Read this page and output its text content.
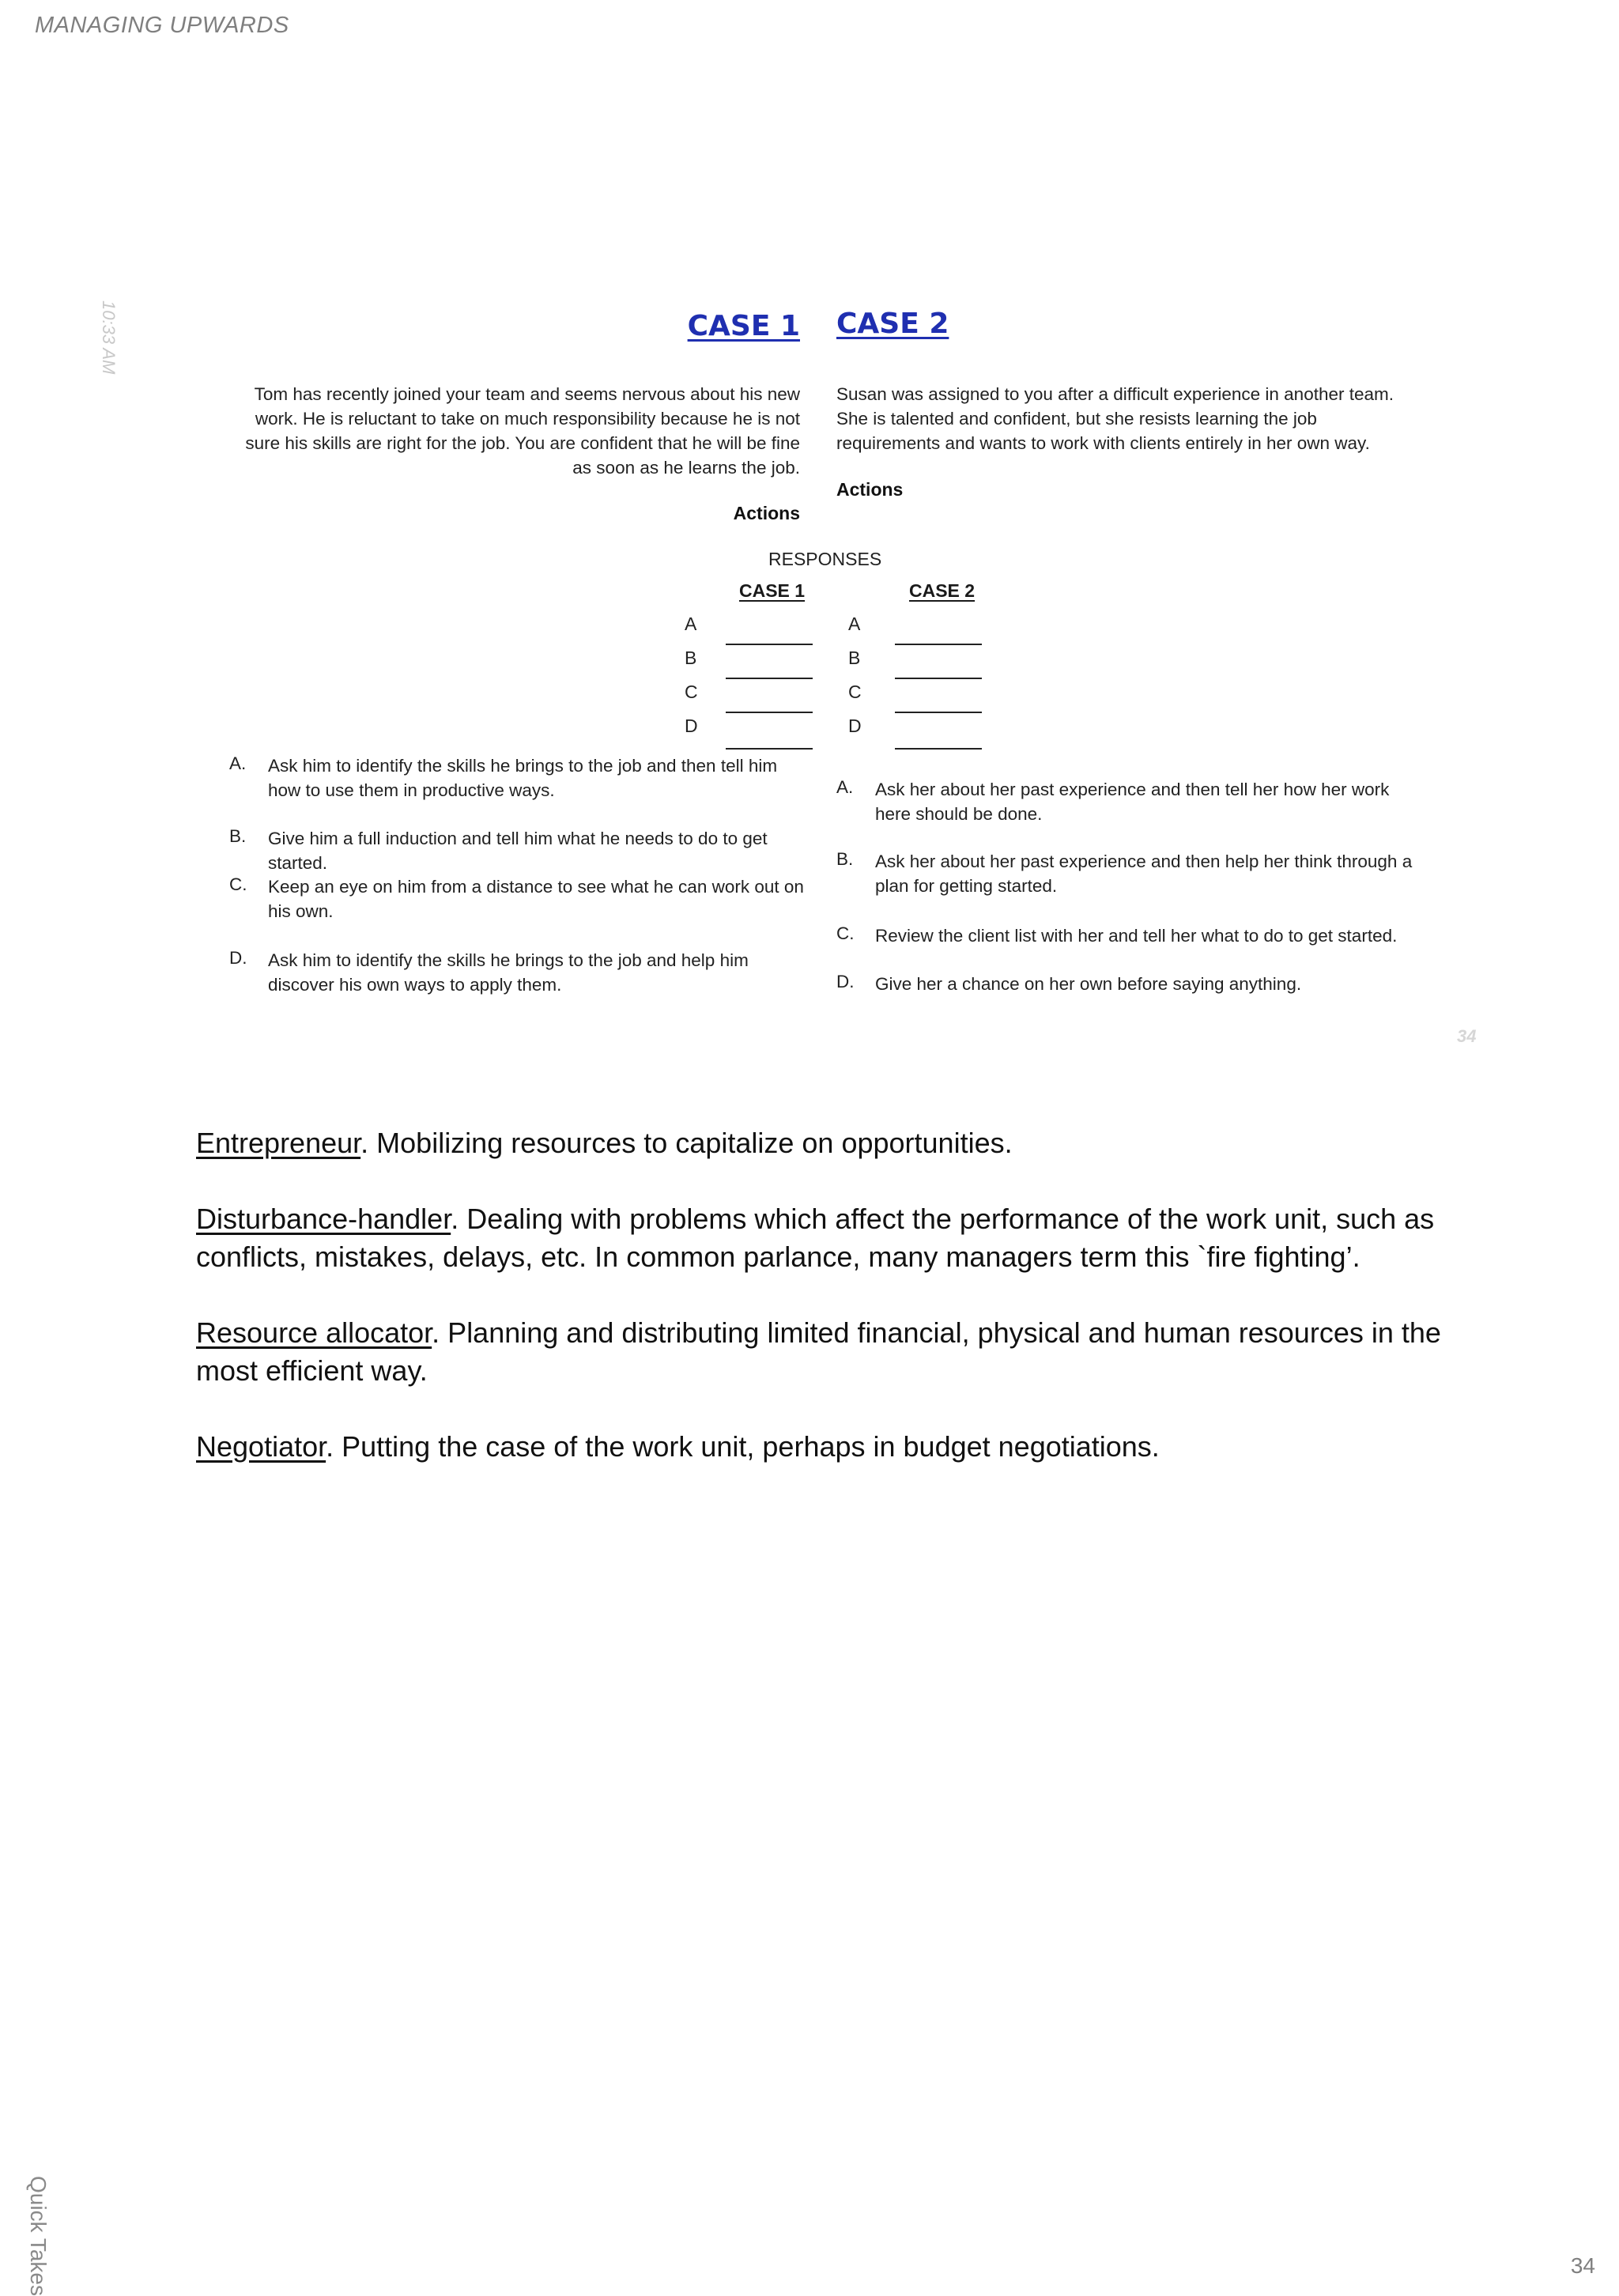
MANAGING UPWARDS
10:33 AM	CASE 1 CASE 2
Tom has recently joined your team and seems nervous about his new work. He is reluctant to take on much responsibility because he is not sure his skills are right for the job. You are confident that he will be fine as soon as he learns the job.
Susan was assigned to you after a difficult experience in another team. She is talented and confident, but she resists learning the job requirements and wants to work with clients entirely in her own way.
Actions
Actions
RESPONSES
CASE 1	CASE 2
A	A
B	B
C	C
D	D
A. Ask him to identify the skills he brings to the job and then tell him how to use them in productive ways.
B. Give him a full induction and tell him what he needs to do to get started.
C. Keep an eye on him from a distance to see what he can work out on his own.
D. Ask him to identify the skills he brings to the job and help him discover his own ways to apply them.
A. Ask her about her past experience and then tell her how her work here should be done.
B. Ask her about her past experience and then help her think through a plan for getting started.
C. Review the client list with her and tell her what to do to get started.
D. Give her a chance on her own before saying anything.
34
Entrepreneur. Mobilizing resources to capitalize on opportunities.
Disturbance-handler. Dealing with problems which affect the performance of the work unit, such as conflicts, mistakes, delays, etc. In common parlance, many managers term this `fire fighting’.
Resource allocator. Planning and distributing limited financial, physical and human resources in the most efficient way.
Negotiator. Putting the case of the work unit, perhaps in budget negotiations.
Quick Takes	34
